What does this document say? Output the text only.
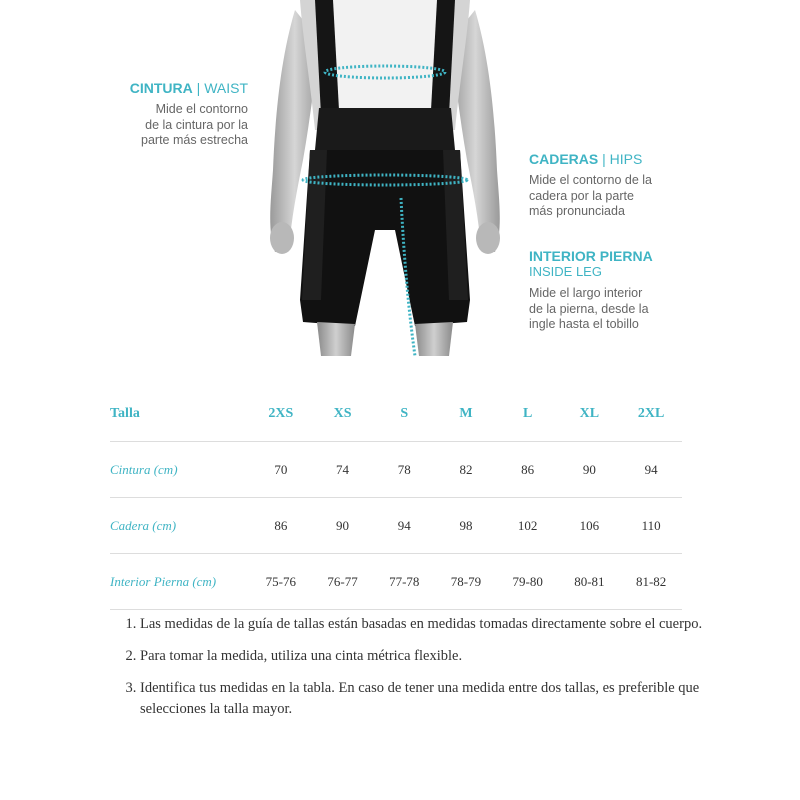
CINTURA | WAIST
Mide el contorno
de la cintura por la
parte más estrecha
CADERAS | HIPS
Mide el contorno de la
cadera por la parte
más pronunciada
INTERIOR PIERNA
INSIDE LEG
Mide el largo interior
de la pierna, desde la
ingle hasta el tobillo
Talla	2XS	XS	S	M	L	XL	2XL
Cintura (cm)	70	74	78	82	86	90	94
Cadera (cm)	86	90	94	98	102	106	110
Interior Pierna (cm)	75-76	76-77	77-78	78-79	79-80	80-81	81-82
1. Las medidas de la guía de tallas están basadas en medidas tomadas directamente sobre el cuerpo.
2. Para tomar la medida, utiliza una cinta métrica flexible.
3. Identifica tus medidas en la tabla. En caso de tener una medida entre dos tallas, es preferible que selecciones la talla mayor.
